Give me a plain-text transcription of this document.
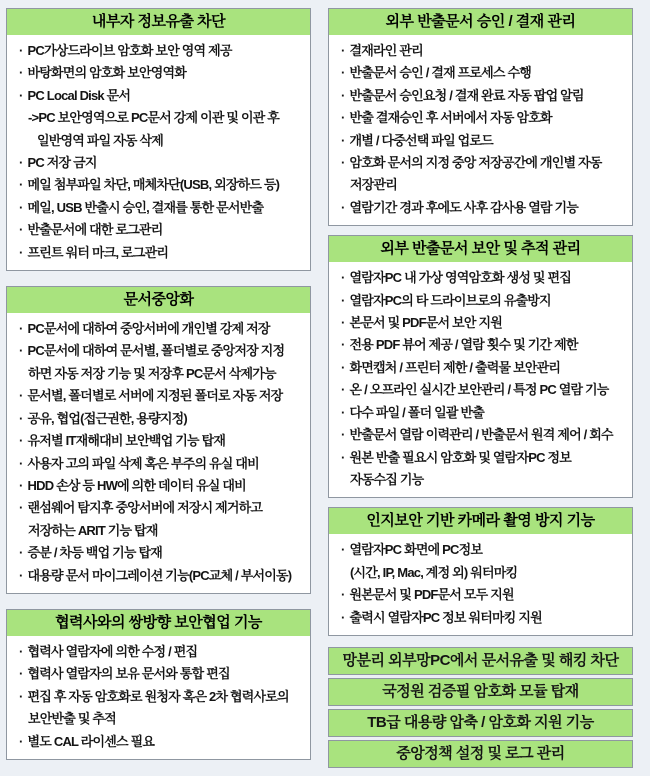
내부자 정보유출 차단
· PC가상드라이브 암호화 보안 영역 제공
· 바탕화면의 암호화 보안영역화
· PC Local Disk 문서
->PC 보안영역으로 PC문서 강제 이관 및 이관 후
일반영역 파일 자동 삭제
· PC 저장 금지
· 메일 첨부파일 차단, 매체차단(USB, 외장하드 등)
· 메일, USB 반출시 승인, 결재를 통한 문서반출
· 반출문서에 대한 로그관리
· 프린트 워터 마크, 로그관리
문서중앙화
· PC문서에 대하여 중앙서버에 개인별 강제 저장
· PC문서에 대하여 문서별, 폴더별로 중앙저장 지정
하면 자동 저장 기능 및 저장후 PC문서 삭제가능
· 문서별, 폴더별로 서버에 지정된 폴더로 자동 저장
· 공유, 협업(접근권한, 용량지정)
· 유저별 IT재해대비 보안백업 기능 탑재
· 사용자 고의 파일 삭제 혹은 부주의 유실 대비
· HDD 손상 등 HW에 의한 데이터 유실 대비
· 랜섬웨어 탐지후 중앙서버에 저장시 제거하고
저장하는 ARIT 기능 탑재
· 증분 / 차등 백업 기능 탑재
· 대용량 문서 마이그레이션 기능(PC교체 / 부서이동)
협력사와의 쌍방향 보안협업 기능
· 협력사 열람자에 의한 수정 / 편집
· 협력사 열람자의 보유 문서와 통합 편집
· 편집 후 자동 암호화로 원청자 혹은 2차 협력사로의
보안반출 및 추적
· 별도 CAL 라이센스 필요
외부 반출문서 승인 / 결재 관리
· 결재라인 관리
· 반출문서 승인 / 결재 프로세스 수행
· 반출문서 승인요청 / 결재 완료 자동 팝업 알림
· 반출 결재승인 후 서버에서 자동 암호화
· 개별 / 다중선택 파일 업로드
· 암호화 문서의 지정 중앙 저장공간에 개인별 자동
저장관리
· 열람기간 경과 후에도 사후 감사용 열람 기능
외부 반출문서 보안 및 추적 관리
· 열람자PC 내 가상 영역암호화 생성 및 편집
· 열람자PC의 타 드라이브로의 유출방지
· 본문서 및 PDF문서 보안 지원
· 전용 PDF 뷰어 제공 / 열람 횟수 및 기간 제한
· 화면캡처 / 프린터 제한 / 출력물 보안관리
· 온 / 오프라인 실시간 보안관리 / 특정 PC 열람 기능
· 다수 파일 / 폴더 일괄 반출
· 반출문서 열람 이력관리 / 반출문서 원격 제어 / 회수
· 원본 반출 필요시 암호화 및 열람자PC 정보
자동수집 기능
인지보안 기반 카메라 촬영 방지 기능
· 열람자PC 화면에 PC정보
(시간, IP, Mac, 계정 외) 워터마킹
· 원본문서 및 PDF문서 모두 지원
· 출력시 열람자PC 정보 워터마킹 지원
망분리 외부망PC에서 문서유출 및 해킹 차단
국정원 검증필 암호화 모듈 탑재
TB급 대용량 압축 / 암호화 지원 기능
중앙정책 설정 및 로그 관리
